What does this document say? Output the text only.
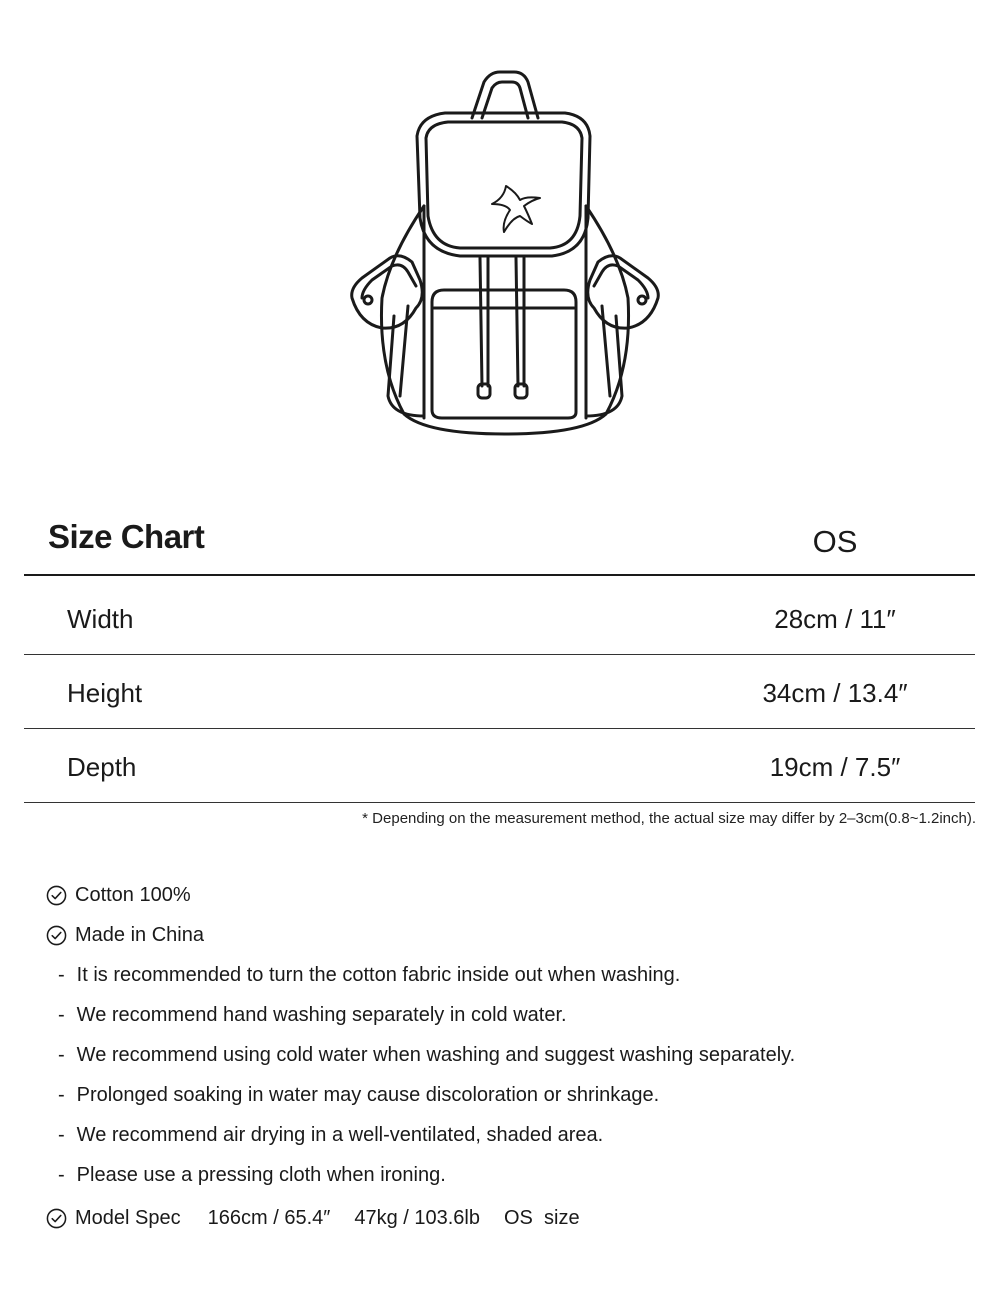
Size Chart	OS
Width	28cm / 11″
Height	34cm / 13.4″
Depth	19cm / 7.5″
* Depending on the measurement method, the actual size may differ by 2–3cm(0.8~1.2inch).
Cotton 100%
Made in China
- It is recommended to turn the cotton fabric inside out when washing.
- We recommend hand washing separately in cold water.
- We recommend using cold water when washing and suggest washing separately.
- Prolonged soaking in water may cause discoloration or shrinkage.
- We recommend air drying in a well-ventilated, shaded area.
- Please use a pressing cloth when ironing.
Model Spec 166cm / 65.4″ 47kg / 103.6lb OS  size
